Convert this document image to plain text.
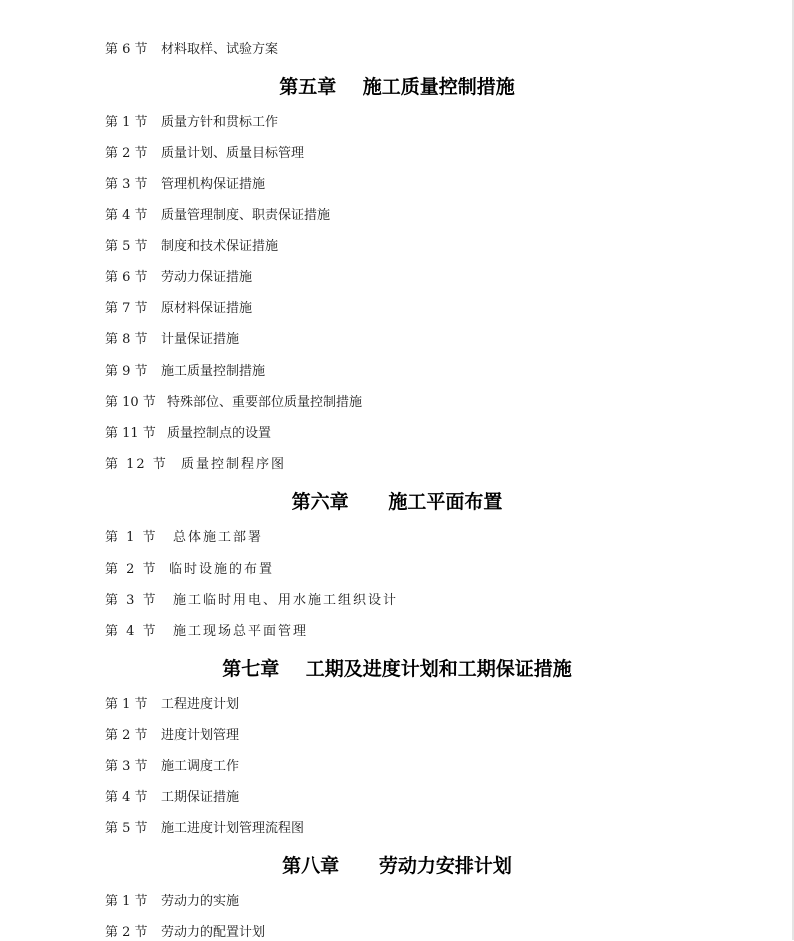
第 6 节 材料取样、试验方案
第五章    施工质量控制措施
第 1 节 质量方针和贯标工作
第 2 节 质量计划、质量目标管理
第 3 节 管理机构保证措施
第 4 节 质量管理制度、职责保证措施
第 5 节 制度和技术保证措施
第 6 节 劳动力保证措施
第 7 节 原材料保证措施
第 8 节 计量保证措施
第 9 节 施工质量控制措施
第 10 节 特殊部位、重要部位质量控制措施
第 11 节 质量控制点的设置
第 12 节 质量控制程序图
第六章      施工平面布置
第 1 节 总体施工部署
第 2 节 临时设施的布置
第 3 节 施工临时用电、用水施工组织设计
第 4 节 施工现场总平面管理
第七章    工期及进度计划和工期保证措施
第 1 节 工程进度计划
第 2 节 进度计划管理
第 3 节 施工调度工作
第 4 节 工期保证措施
第 5 节 施工进度计划管理流程图
第八章      劳动力安排计划
第 1 节 劳动力的实施
第 2 节 劳动力的配置计划
